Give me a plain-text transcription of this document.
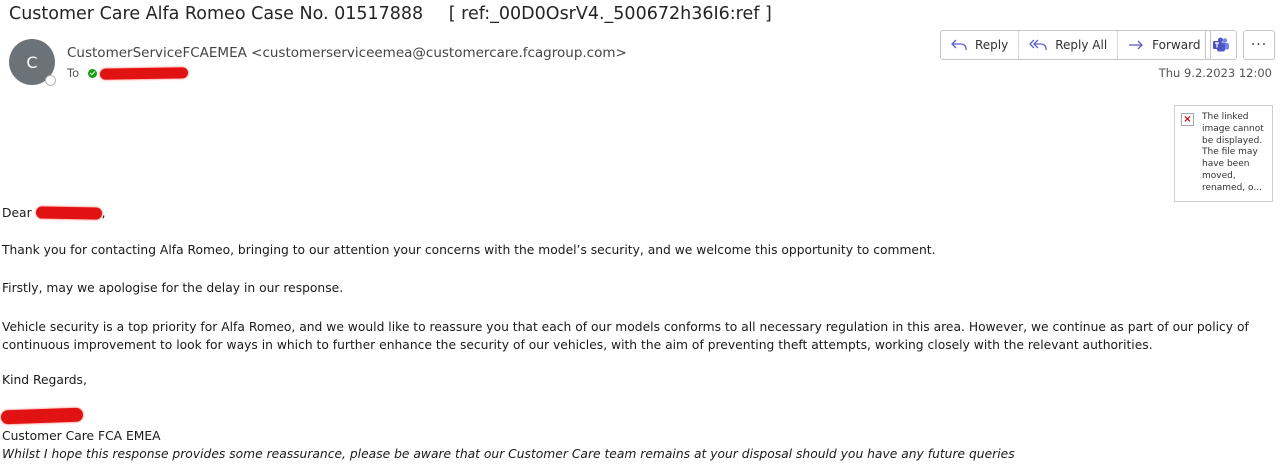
Customer Care Alfa Romeo Case No. 01517888 [ ref:_00D0OsrV4._500672h36I6:ref ]
C CustomerServiceFCAEMEA <customerserviceemea@customercare.fcagroup.com>
To
Reply	Reply All	Forward	···
Thu 9.2.2023 12:00
× The linked image cannot be displayed. The file may have been moved, renamed, o...
Dear	,
Thank you for contacting Alfa Romeo, bringing to our attention your concerns with the model’s security, and we welcome this opportunity to comment.
Firstly, may we apologise for the delay in our response.
Vehicle security is a top priority for Alfa Romeo, and we would like to reassure you that each of our models conforms to all necessary regulation in this area. However, we continue as part of our policy of continuous improvement to look for ways in which to further enhance the security of our vehicles, with the aim of preventing theft attempts, working closely with the relevant authorities.
Kind Regards,
Customer Care FCA EMEA
Whilst I hope this response provides some reassurance, please be aware that our Customer Care team remains at your disposal should you have any future queries
